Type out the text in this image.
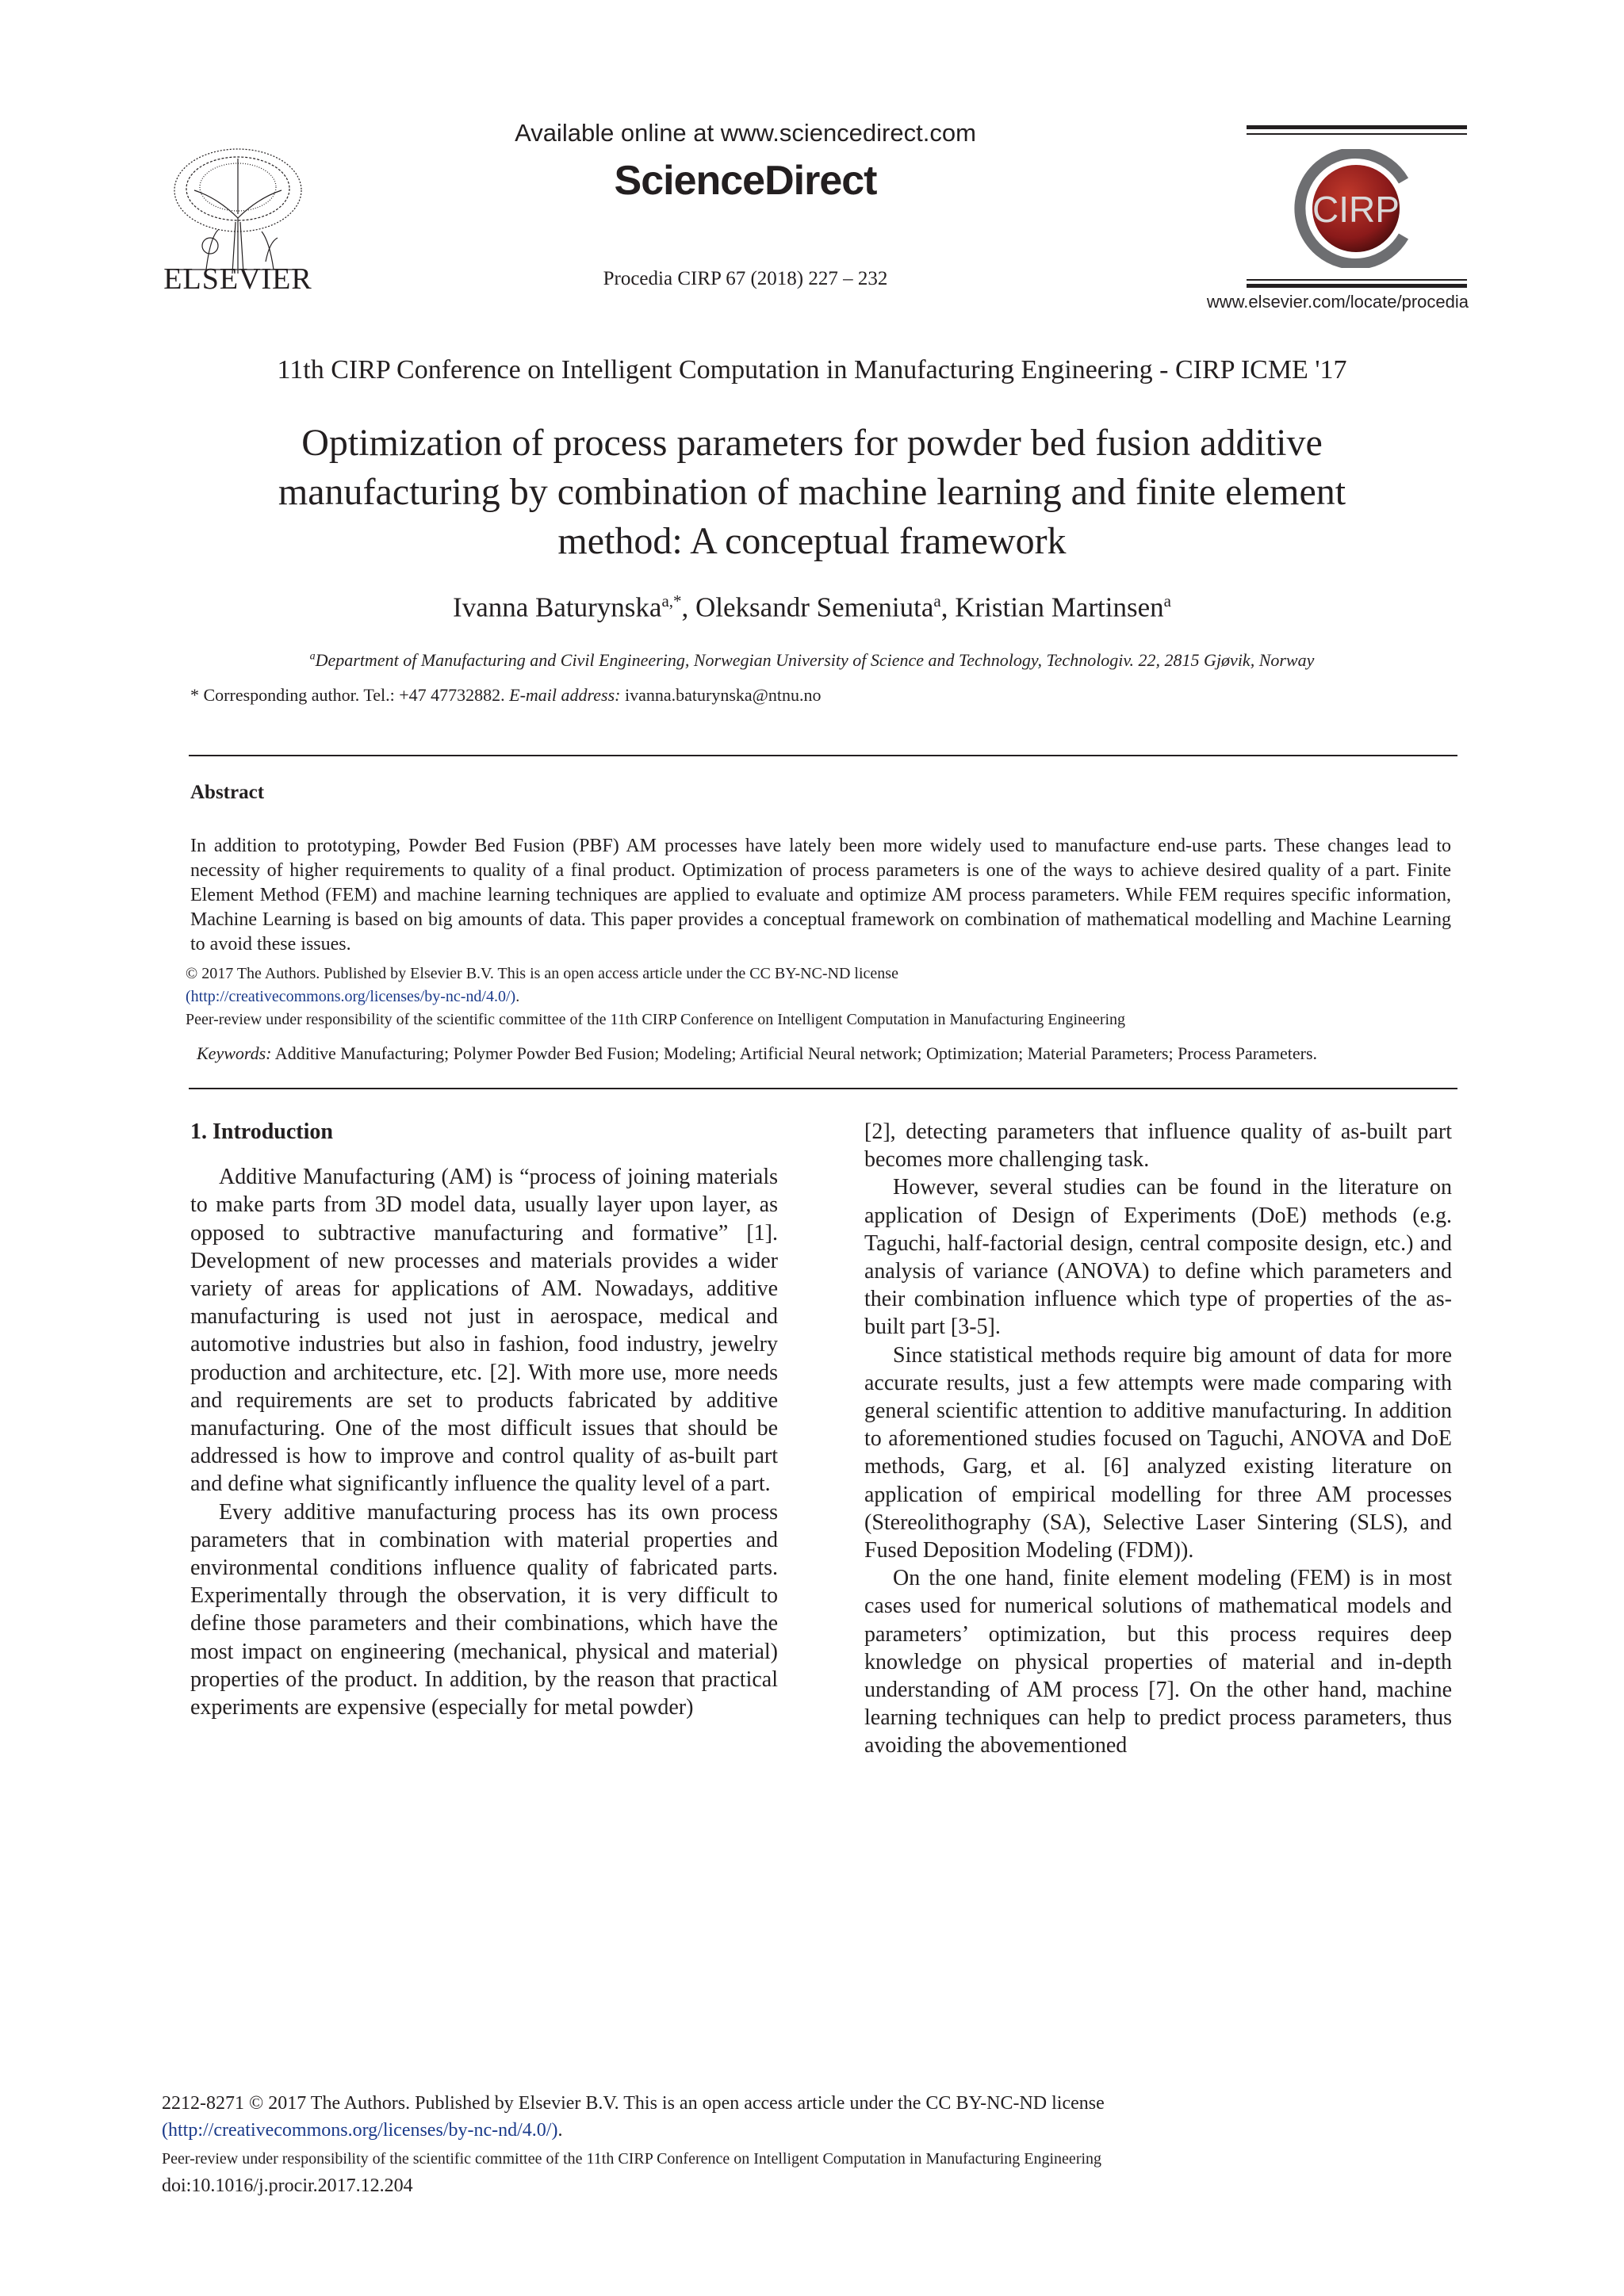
ELSEVIER
Available online at www.sciencedirect.com
ScienceDirect
Procedia CIRP 67 (2018) 227 – 232
CIRP
www.elsevier.com/locate/procedia
11th CIRP Conference on Intelligent Computation in Manufacturing Engineering - CIRP ICME '17
Optimization of process parameters for powder bed fusion additive
manufacturing by combination of machine learning and finite element
method: A conceptual framework
Ivanna Baturynska$^{a,*}$, Oleksandr Semeniuta$^a$, Kristian Martinsen$^a$
$^a$Department of Manufacturing and Civil Engineering, Norwegian University of Science and Technology, Technologiv. 22, 2815 Gjøvik, Norway
* Corresponding author. Tel.: +47 47732882. E-mail address: ivanna.baturynska@ntnu.no
Abstract
In addition to prototyping, Powder Bed Fusion (PBF) AM processes have lately been more widely used to manufacture end-use parts. These changes lead to necessity of higher requirements to quality of a final product. Optimization of process parameters is one of the ways to achieve desired quality of a part. Finite Element Method (FEM) and machine learning techniques are applied to evaluate and optimize AM process parameters. While FEM requires specific information, Machine Learning is based on big amounts of data. This paper provides a conceptual framework on combination of mathematical modelling and Machine Learning to avoid these issues.
© 2017 The Authors. Published by Elsevier B.V. This is an open access article under the CC BY-NC-ND license
(http://creativecommons.org/licenses/by-nc-nd/4.0/).
Peer-review under responsibility of the scientific committee of the 11th CIRP Conference on Intelligent Computation in Manufacturing Engineering
Keywords: Additive Manufacturing; Polymer Powder Bed Fusion; Modeling; Artificial Neural network; Optimization; Material Parameters; Process Parameters.

1. Introduction

Additive Manufacturing (AM) is “process of joining materials to make parts from 3D model data, usually layer upon layer, as opposed to subtractive manufacturing and formative” [1]. Development of new processes and materials provides a wider variety of areas for applications of AM. Nowadays, additive manufacturing is used not just in aerospace, medical and automotive industries but also in fashion, food industry, jewelry production and architecture, etc. [2]. With more use, more needs and requirements are set to products fabricated by additive manufacturing. One of the most difficult issues that should be addressed is how to improve and control quality of as-built part and define what significantly influence the quality level of a part.

Every additive manufacturing process has its own process parameters that in combination with material properties and environmental conditions influence quality of fabricated parts. Experimentally through the observation, it is very difficult to define those parameters and their combinations, which have the most impact on engineering (mechanical, physical and material) properties of the product. In addition, by the reason that practical experiments are expensive (especially for metal powder)

[2], detecting parameters that influence quality of as-built part becomes more challenging task.

However, several studies can be found in the literature on application of Design of Experiments (DoE) methods (e.g. Taguchi, half-factorial design, central composite design, etc.) and analysis of variance (ANOVA) to define which parameters and their combination influence which type of properties of the as-built part [3-5].

Since statistical methods require big amount of data for more accurate results, just a few attempts were made comparing with general scientific attention to additive manufacturing. In addition to aforementioned studies focused on Taguchi, ANOVA and DoE methods, Garg, et al. [6] analyzed existing literature on application of empirical modelling for three AM processes (Stereolithography (SA), Selective Laser Sintering (SLS), and Fused Deposition Modeling (FDM)).

On the one hand, finite element modeling (FEM) is in most cases used for numerical solutions of mathematical models and parameters’ optimization, but this process requires deep knowledge on physical properties of material and in-depth understanding of AM process [7]. On the other hand, machine learning techniques can help to predict process parameters, thus avoiding the abovementioned

2212-8271 © 2017 The Authors. Published by Elsevier B.V. This is an open access article under the CC BY-NC-ND license
(http://creativecommons.org/licenses/by-nc-nd/4.0/).
Peer-review under responsibility of the scientific committee of the 11th CIRP Conference on Intelligent Computation in Manufacturing Engineering
doi:10.1016/j.procir.2017.12.204
